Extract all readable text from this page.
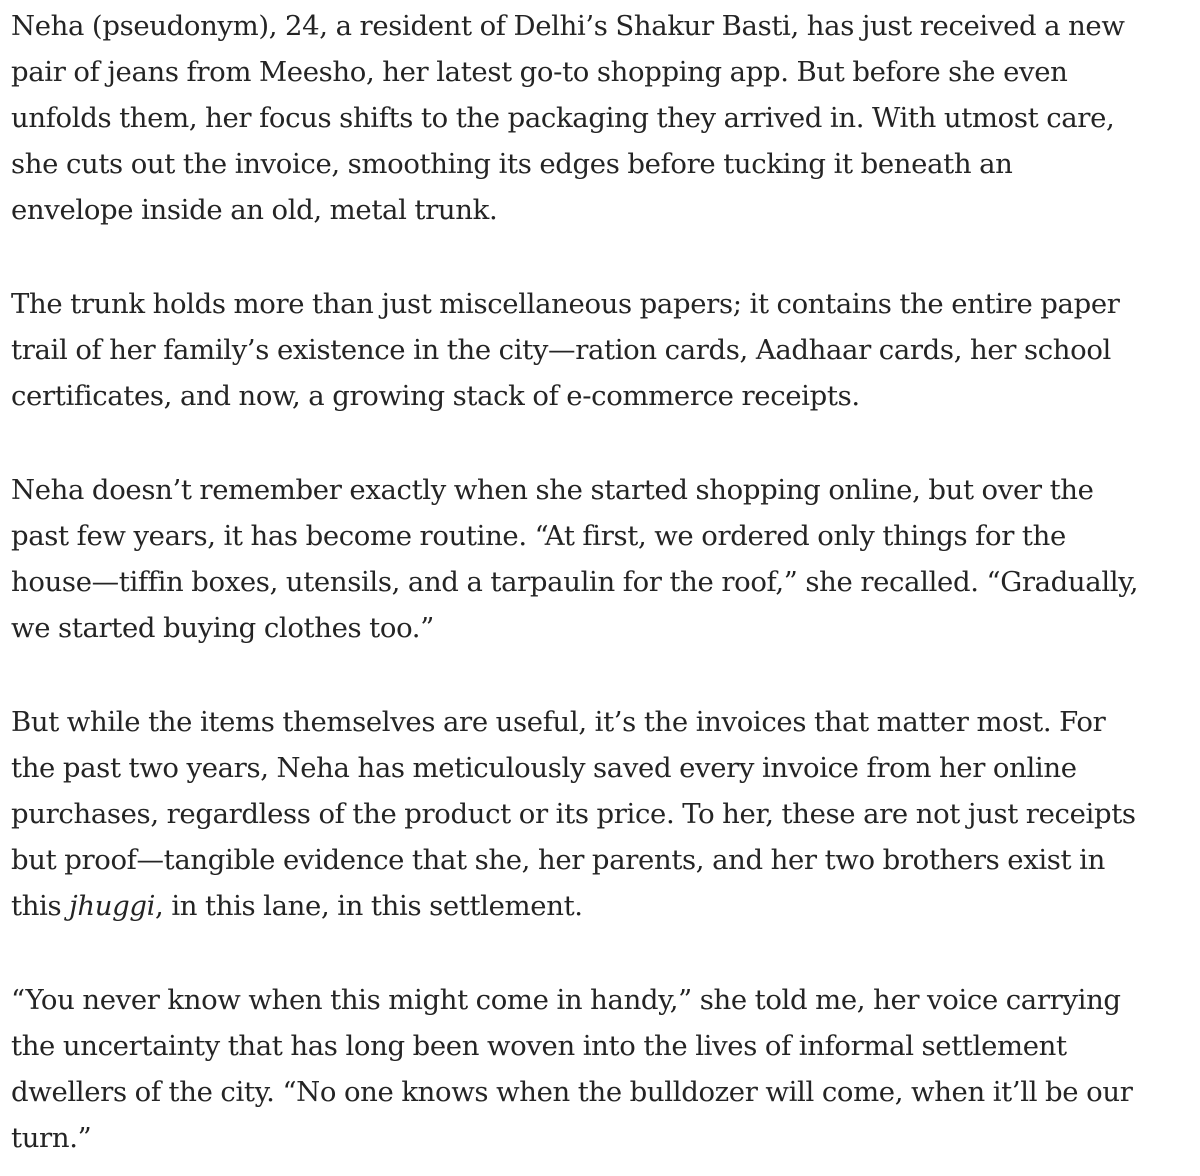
Neha (pseudonym), 24, a resident of Delhi’s Shakur Basti, has just received a new
pair of jeans from Meesho, her latest go-to shopping app. But before she even
unfolds them, her focus shifts to the packaging they arrived in. With utmost care,
she cuts out the invoice, smoothing its edges before tucking it beneath an
envelope inside an old, metal trunk.

The trunk holds more than just miscellaneous papers; it contains the entire paper
trail of her family’s existence in the city—ration cards, Aadhaar cards, her school
certificates, and now, a growing stack of e-commerce receipts.

Neha doesn’t remember exactly when she started shopping online, but over the
past few years, it has become routine. “At first, we ordered only things for the
house—tiffin boxes, utensils, and a tarpaulin for the roof,” she recalled. “Gradually,
we started buying clothes too.”

But while the items themselves are useful, it’s the invoices that matter most. For
the past two years, Neha has meticulously saved every invoice from her online
purchases, regardless of the product or its price. To her, these are not just receipts
but proof—tangible evidence that she, her parents, and her two brothers exist in
this jhuggi, in this lane, in this settlement.

“You never know when this might come in handy,” she told me, her voice carrying
the uncertainty that has long been woven into the lives of informal settlement
dwellers of the city. “No one knows when the bulldozer will come, when it’ll be our
turn.”
